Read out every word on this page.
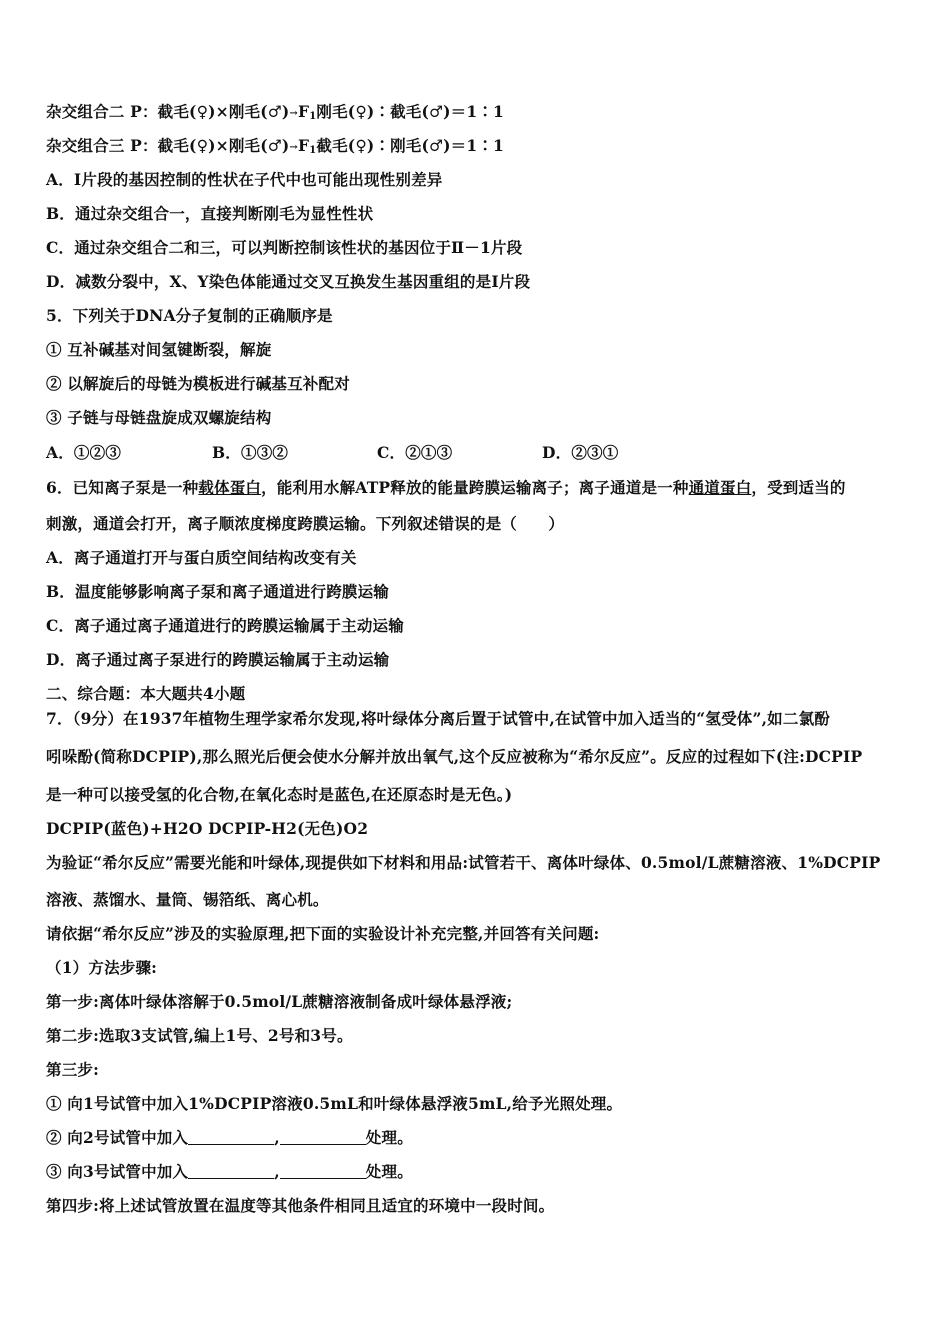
杂交组合二 P：截毛(♀)×刚毛$(♂)\to F_1$刚毛(♀)∶截毛(♂)＝1∶1
杂交组合三 P：截毛(♀)×刚毛$(♂)\to F_1$截毛(♀)∶刚毛(♂)＝1∶1
A．Ⅰ片段的基因控制的性状在子代中也可能出现性别差异
B．通过杂交组合一，直接判断刚毛为显性性状
C．通过杂交组合二和三，可以判断控制该性状的基因位于Ⅱ－1片段
D．减数分裂中，X、Y染色体能通过交叉互换发生基因重组的是Ⅰ片段
5．下列关于DNA分子复制的正确顺序是
① 互补碱基对间氢键断裂，解旋
② 以解旋后的母链为模板进行碱基互补配对
③ 子链与母链盘旋成双螺旋结构
A．①②③	B．①③②	C．②①③	D．②③①
6．已知离子泵是一种载体蛋白，能利用水解ATP释放的能量跨膜运输离子；离子通道是一种通道蛋白，受到适当的
刺激，通道会打开，离子顺浓度梯度跨膜运输。下列叙述错误的是（　　）
A．离子通道打开与蛋白质空间结构改变有关
B．温度能够影响离子泵和离子通道进行跨膜运输
C．离子通过离子通道进行的跨膜运输属于主动运输
D．离子通过离子泵进行的跨膜运输属于主动运输
二、综合题：本大题共4小题
7．（9分）在1937年植物生理学家希尔发现,将叶绿体分离后置于试管中,在试管中加入适当的“氢受体”,如二氯酚
吲哚酚(简称DCPIP),那么照光后便会使水分解并放出氧气,这个反应被称为“希尔反应”。反应的过程如下(注:DCPIP
是一种可以接受氢的化合物,在氧化态时是蓝色,在还原态时是无色。)
DCPIP(蓝色)+H2O DCPIP-H2(无色)O2
为验证“希尔反应”需要光能和叶绿体,现提供如下材料和用品:试管若干、离体叶绿体、0.5mol/L蔗糖溶液、1%DCPIP
溶液、蒸馏水、量筒、锡箔纸、离心机。
请依据“希尔反应”涉及的实验原理,把下面的实验设计补充完整,并回答有关问题:
（1）方法步骤:
第一步:离体叶绿体溶解于0.5mol/L蔗糖溶液制备成叶绿体悬浮液;
第二步:选取3支试管,编上1号、2号和3号。
第三步:
① 向1号试管中加入1%DCPIP溶液0.5mL和叶绿体悬浮液5mL,给予光照处理。
② 向2号试管中加入	,	处理。
③ 向3号试管中加入	,	处理。
第四步:将上述试管放置在温度等其他条件相同且适宜的环境中一段时间。
